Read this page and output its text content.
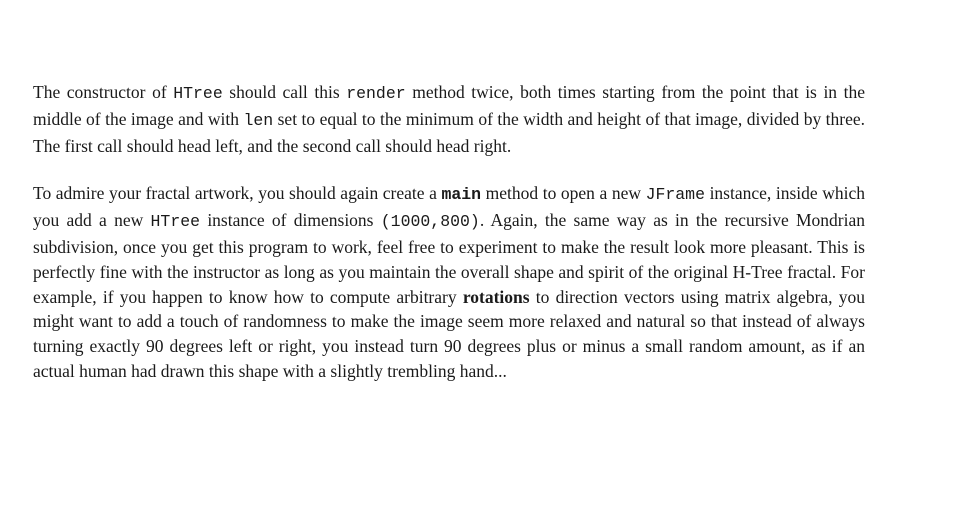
The constructor of HTree should call this render method twice, both times starting from the point that is in the middle of the image and with len set to equal to the minimum of the width and height of that image, divided by three. The first call should head left, and the second call should head right.

To admire your fractal artwork, you should again create a main method to open a new JFrame instance, inside which you add a new HTree instance of dimensions (1000,800). Again, the same way as in the recursive Mondrian subdivision, once you get this program to work, feel free to experiment to make the result look more pleasant. This is perfectly fine with the instructor as long as you maintain the overall shape and spirit of the original H-Tree fractal. For example, if you happen to know how to compute arbitrary rotations to direction vectors using matrix algebra, you might want to add a touch of randomness to make the image seem more relaxed and natural so that instead of always turning exactly 90 degrees left or right, you instead turn 90 degrees plus or minus a small random amount, as if an actual human had drawn this shape with a slightly trembling hand...
